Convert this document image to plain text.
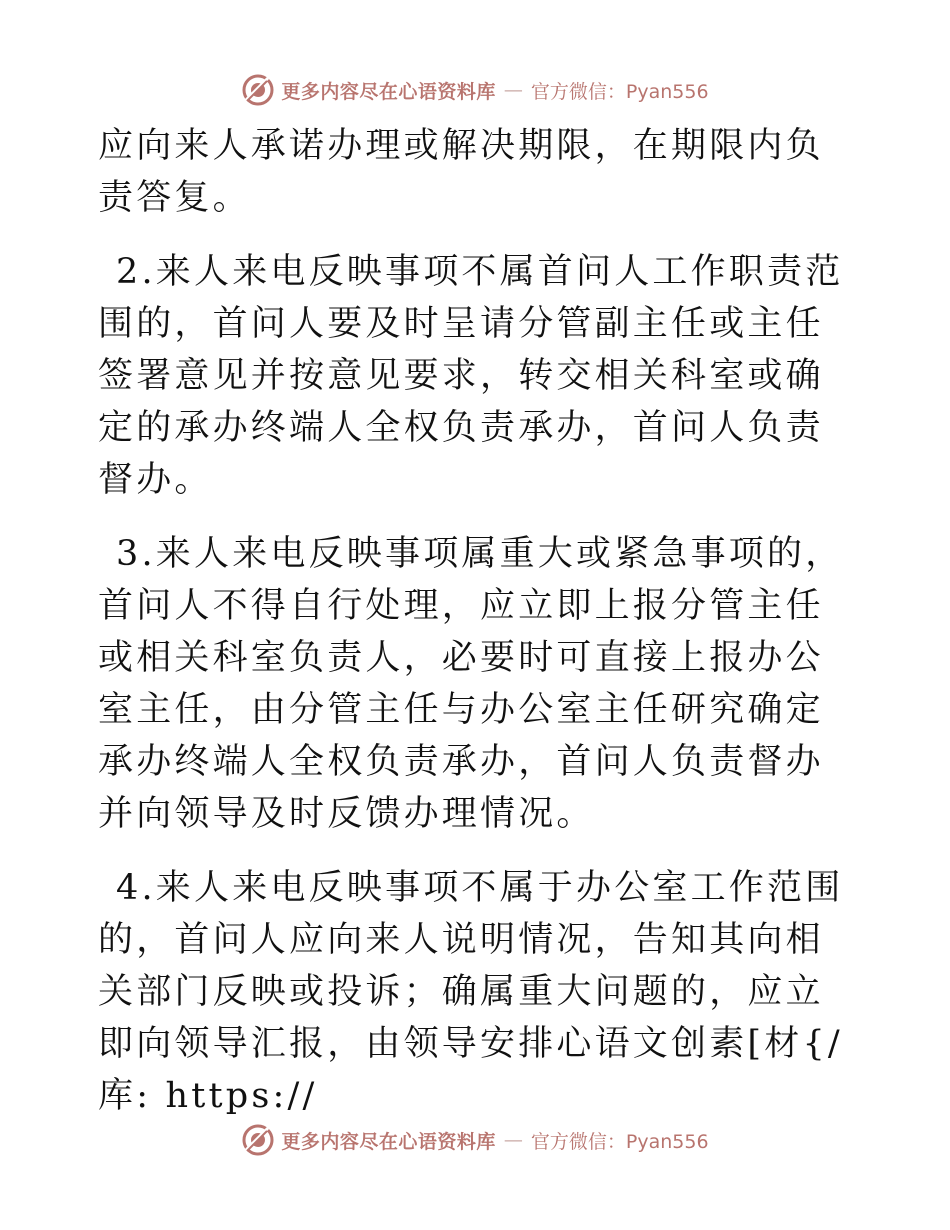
更多内容尽在心语资料库 — 官方微信：Pyan556

应向来人承诺办理或解决期限，在期限内负责答复。

2.来人来电反映事项不属首问人工作职责范围的，首问人要及时呈请分管副主任或主任签署意见并按意见要求，转交相关科室或确定的承办终端人全权负责承办，首问人负责督办。

3.来人来电反映事项属重大或紧急事项的，首问人不得自行处理，应立即上报分管主任或相关科室负责人，必要时可直接上报办公室主任，由分管主任与办公室主任研究确定承办终端人全权负责承办，首问人负责督办并向领导及时反馈办理情况。

4.来人来电反映事项不属于办公室工作范围的，首问人应向来人说明情况，告知其向相关部门反映或投诉；确属重大问题的，应立即向领导汇报，由领导安排心语文创素[材{/库: https://

更多内容尽在心语资料库 — 官方微信：Pyan556
